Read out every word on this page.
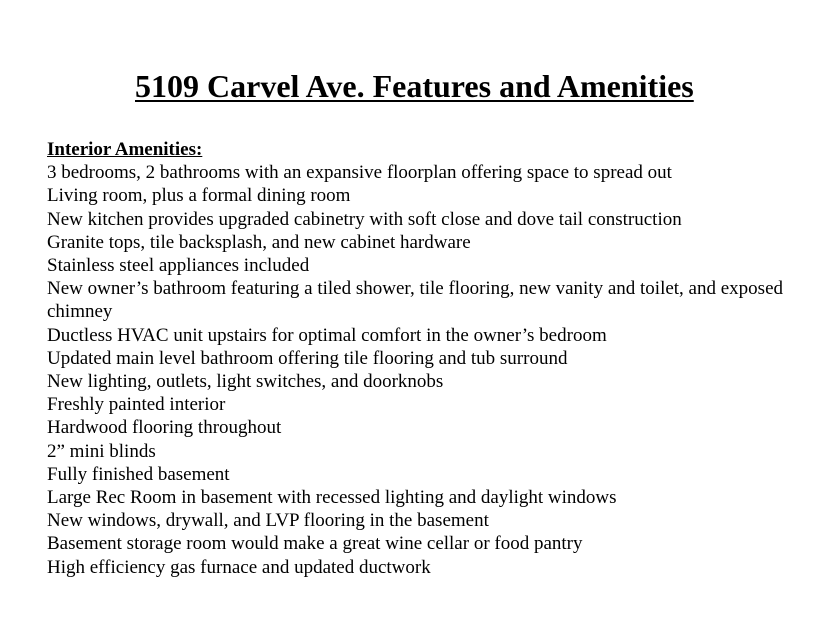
5109 Carvel Ave. Features and Amenities
Interior Amenities:
3 bedrooms, 2 bathrooms with an expansive floorplan offering space to spread out
Living room, plus a formal dining room
New kitchen provides upgraded cabinetry with soft close and dove tail construction
Granite tops, tile backsplash, and new cabinet hardware
Stainless steel appliances included
New owner’s bathroom featuring a tiled shower, tile flooring, new vanity and toilet, and exposed chimney
Ductless HVAC unit upstairs for optimal comfort in the owner’s bedroom
Updated main level bathroom offering tile flooring and tub surround
New lighting, outlets, light switches, and doorknobs
Freshly painted interior
Hardwood flooring throughout
2” mini blinds
Fully finished basement
Large Rec Room in basement with recessed lighting and daylight windows
New windows, drywall, and LVP flooring in the basement
Basement storage room would make a great wine cellar or food pantry
High efficiency gas furnace and updated ductwork
